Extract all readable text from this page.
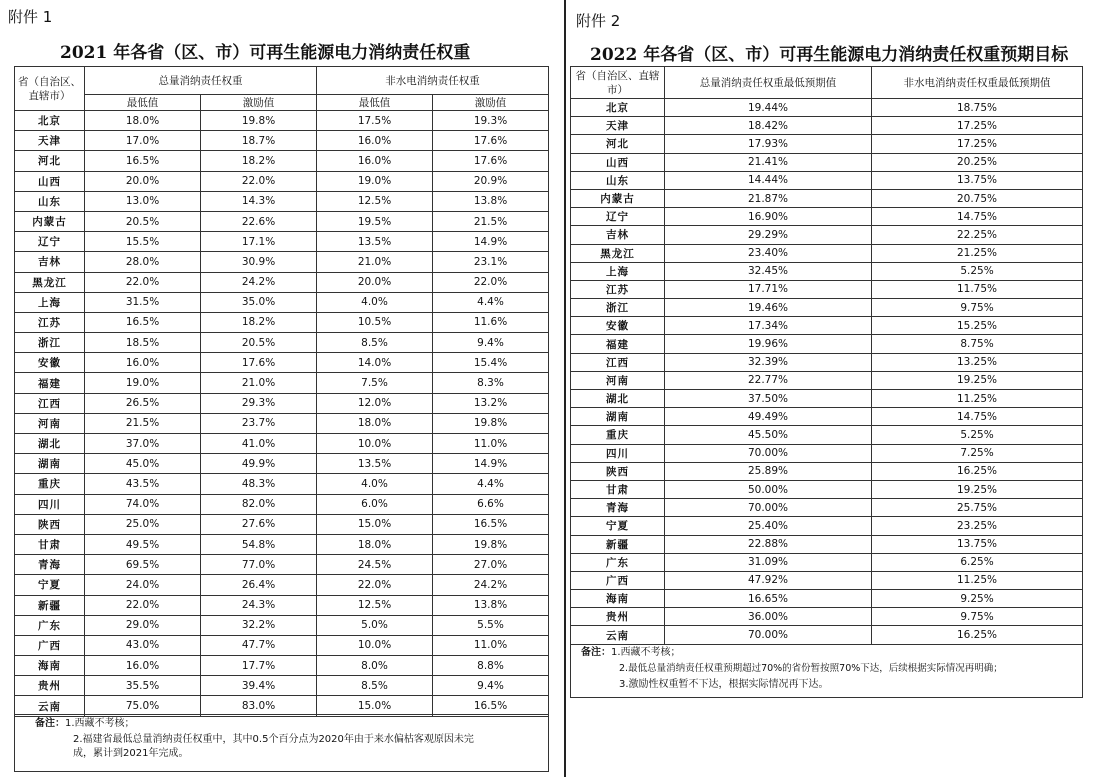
附件 1
2021 年各省（区、市）可再生能源电力消纳责任权重
省（自治区、直辖市）	总量消纳责任权重		非水电消纳责任权重	
	最低值	激励值	最低值	激励值
北京	18.0%	19.8%	17.5%	19.3%
天津	17.0%	18.7%	16.0%	17.6%
河北	16.5%	18.2%	16.0%	17.6%
山西	20.0%	22.0%	19.0%	20.9%
山东	13.0%	14.3%	12.5%	13.8%
内蒙古	20.5%	22.6%	19.5%	21.5%
辽宁	15.5%	17.1%	13.5%	14.9%
吉林	28.0%	30.9%	21.0%	23.1%
黑龙江	22.0%	24.2%	20.0%	22.0%
上海	31.5%	35.0%	4.0%	4.4%
江苏	16.5%	18.2%	10.5%	11.6%
浙江	18.5%	20.5%	8.5%	9.4%
安徽	16.0%	17.6%	14.0%	15.4%
福建	19.0%	21.0%	7.5%	8.3%
江西	26.5%	29.3%	12.0%	13.2%
河南	21.5%	23.7%	18.0%	19.8%
湖北	37.0%	41.0%	10.0%	11.0%
湖南	45.0%	49.9%	13.5%	14.9%
重庆	43.5%	48.3%	4.0%	4.4%
四川	74.0%	82.0%	6.0%	6.6%
陕西	25.0%	27.6%	15.0%	16.5%
甘肃	49.5%	54.8%	18.0%	19.8%
青海	69.5%	77.0%	24.5%	27.0%
宁夏	24.0%	26.4%	22.0%	24.2%
新疆	22.0%	24.3%	12.5%	13.8%
广东	29.0%	32.2%	5.0%	5.5%
广西	43.0%	47.7%	10.0%	11.0%
海南	16.0%	17.7%	8.0%	8.8%
贵州	35.5%	39.4%	8.5%	9.4%
云南	75.0%	83.0%	15.0%	16.5%
备注：1.西藏不考核；
2.福建省最低总量消纳责任权重中，其中0.5个百分点为2020年由于来水偏枯客观原因未完
成，累计到2021年完成。
附件 2
2022 年各省（区、市）可再生能源电力消纳责任权重预期目标
省（自治区、直辖市）	总量消纳责任权重最低预期值	非水电消纳责任权重最低预期值
北京	19.44%	18.75%
天津	18.42%	17.25%
河北	17.93%	17.25%
山西	21.41%	20.25%
山东	14.44%	13.75%
内蒙古	21.87%	20.75%
辽宁	16.90%	14.75%
吉林	29.29%	22.25%
黑龙江	23.40%	21.25%
上海	32.45%	5.25%
江苏	17.71%	11.75%
浙江	19.46%	9.75%
安徽	17.34%	15.25%
福建	19.96%	8.75%
江西	32.39%	13.25%
河南	22.77%	19.25%
湖北	37.50%	11.25%
湖南	49.49%	14.75%
重庆	45.50%	5.25%
四川	70.00%	7.25%
陕西	25.89%	16.25%
甘肃	50.00%	19.25%
青海	70.00%	25.75%
宁夏	25.40%	23.25%
新疆	22.88%	13.75%
广东	31.09%	6.25%
广西	47.92%	11.25%
海南	16.65%	9.25%
贵州	36.00%	9.75%
云南	70.00%	16.25%
备注：1.西藏不考核；
2.最低总量消纳责任权重预期超过70%的省份暂按照70%下达，后续根据实际情况再明确；
3.激励性权重暂不下达，根据实际情况再下达。
